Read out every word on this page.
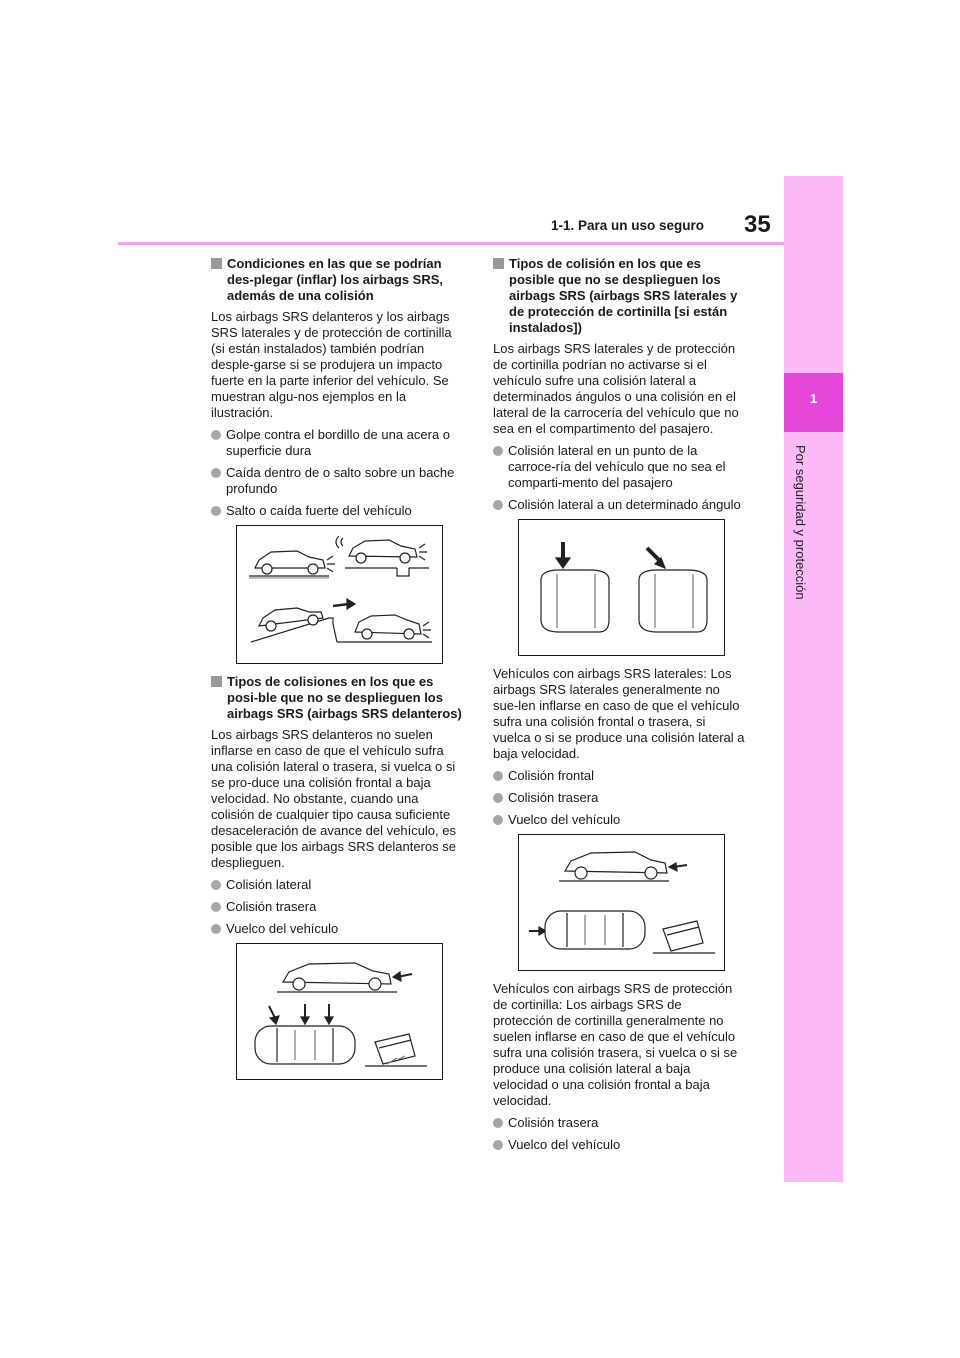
35
1-1. Para un uso seguro
1
Por seguridad y protección
Condiciones en las que se podrían des-plegar (inflar) los airbags SRS, además de una colisión

Los airbags SRS delanteros y los airbags SRS laterales y de protección de cortinilla (si están instalados) también podrían desple-garse si se produjera un impacto fuerte en la parte inferior del vehículo. Se muestran algu-nos ejemplos en la ilustración.

Golpe contra el bordillo de una acera o superficie dura
Caída dentro de o salto sobre un bache profundo
Salto o caída fuerte del vehículo
Tipos de colisiones en los que es posi-ble que no se desplieguen los airbags SRS (airbags SRS delanteros)

Los airbags SRS delanteros no suelen inflarse en caso de que el vehículo sufra una colisión lateral o trasera, si vuelca o si se pro-duce una colisión frontal a baja velocidad. No obstante, cuando una colisión de cualquier tipo causa suficiente desaceleración de avance del vehículo, es posible que los airbags SRS delanteros se desplieguen.

Colisión lateral
Colisión trasera
Vuelco del vehículo
Tipos de colisión en los que es posible que no se desplieguen los airbags SRS (airbags SRS laterales y de protección de cortinilla [si están instalados])

Los airbags SRS laterales y de protección de cortinilla podrían no activarse si el vehículo sufre una colisión lateral a determinados ángulos o una colisión en el lateral de la carrocería del vehículo que no sea en el compartimento del pasajero.

Colisión lateral en un punto de la carroce-ría del vehículo que no sea el comparti-mento del pasajero
Colisión lateral a un determinado ángulo

Vehículos con airbags SRS laterales: Los airbags SRS laterales generalmente no sue-len inflarse en caso de que el vehículo sufra una colisión frontal o trasera, si vuelca o si se produce una colisión lateral a baja velocidad.

Colisión frontal
Colisión trasera
Vuelco del vehículo

Vehículos con airbags SRS de protección de cortinilla: Los airbags SRS de protección de cortinilla generalmente no suelen inflarse en caso de que el vehículo sufra una colisión trasera, si vuelca o si se produce una colisión lateral a baja velocidad o una colisión frontal a baja velocidad.

Colisión trasera
Vuelco del vehículo
